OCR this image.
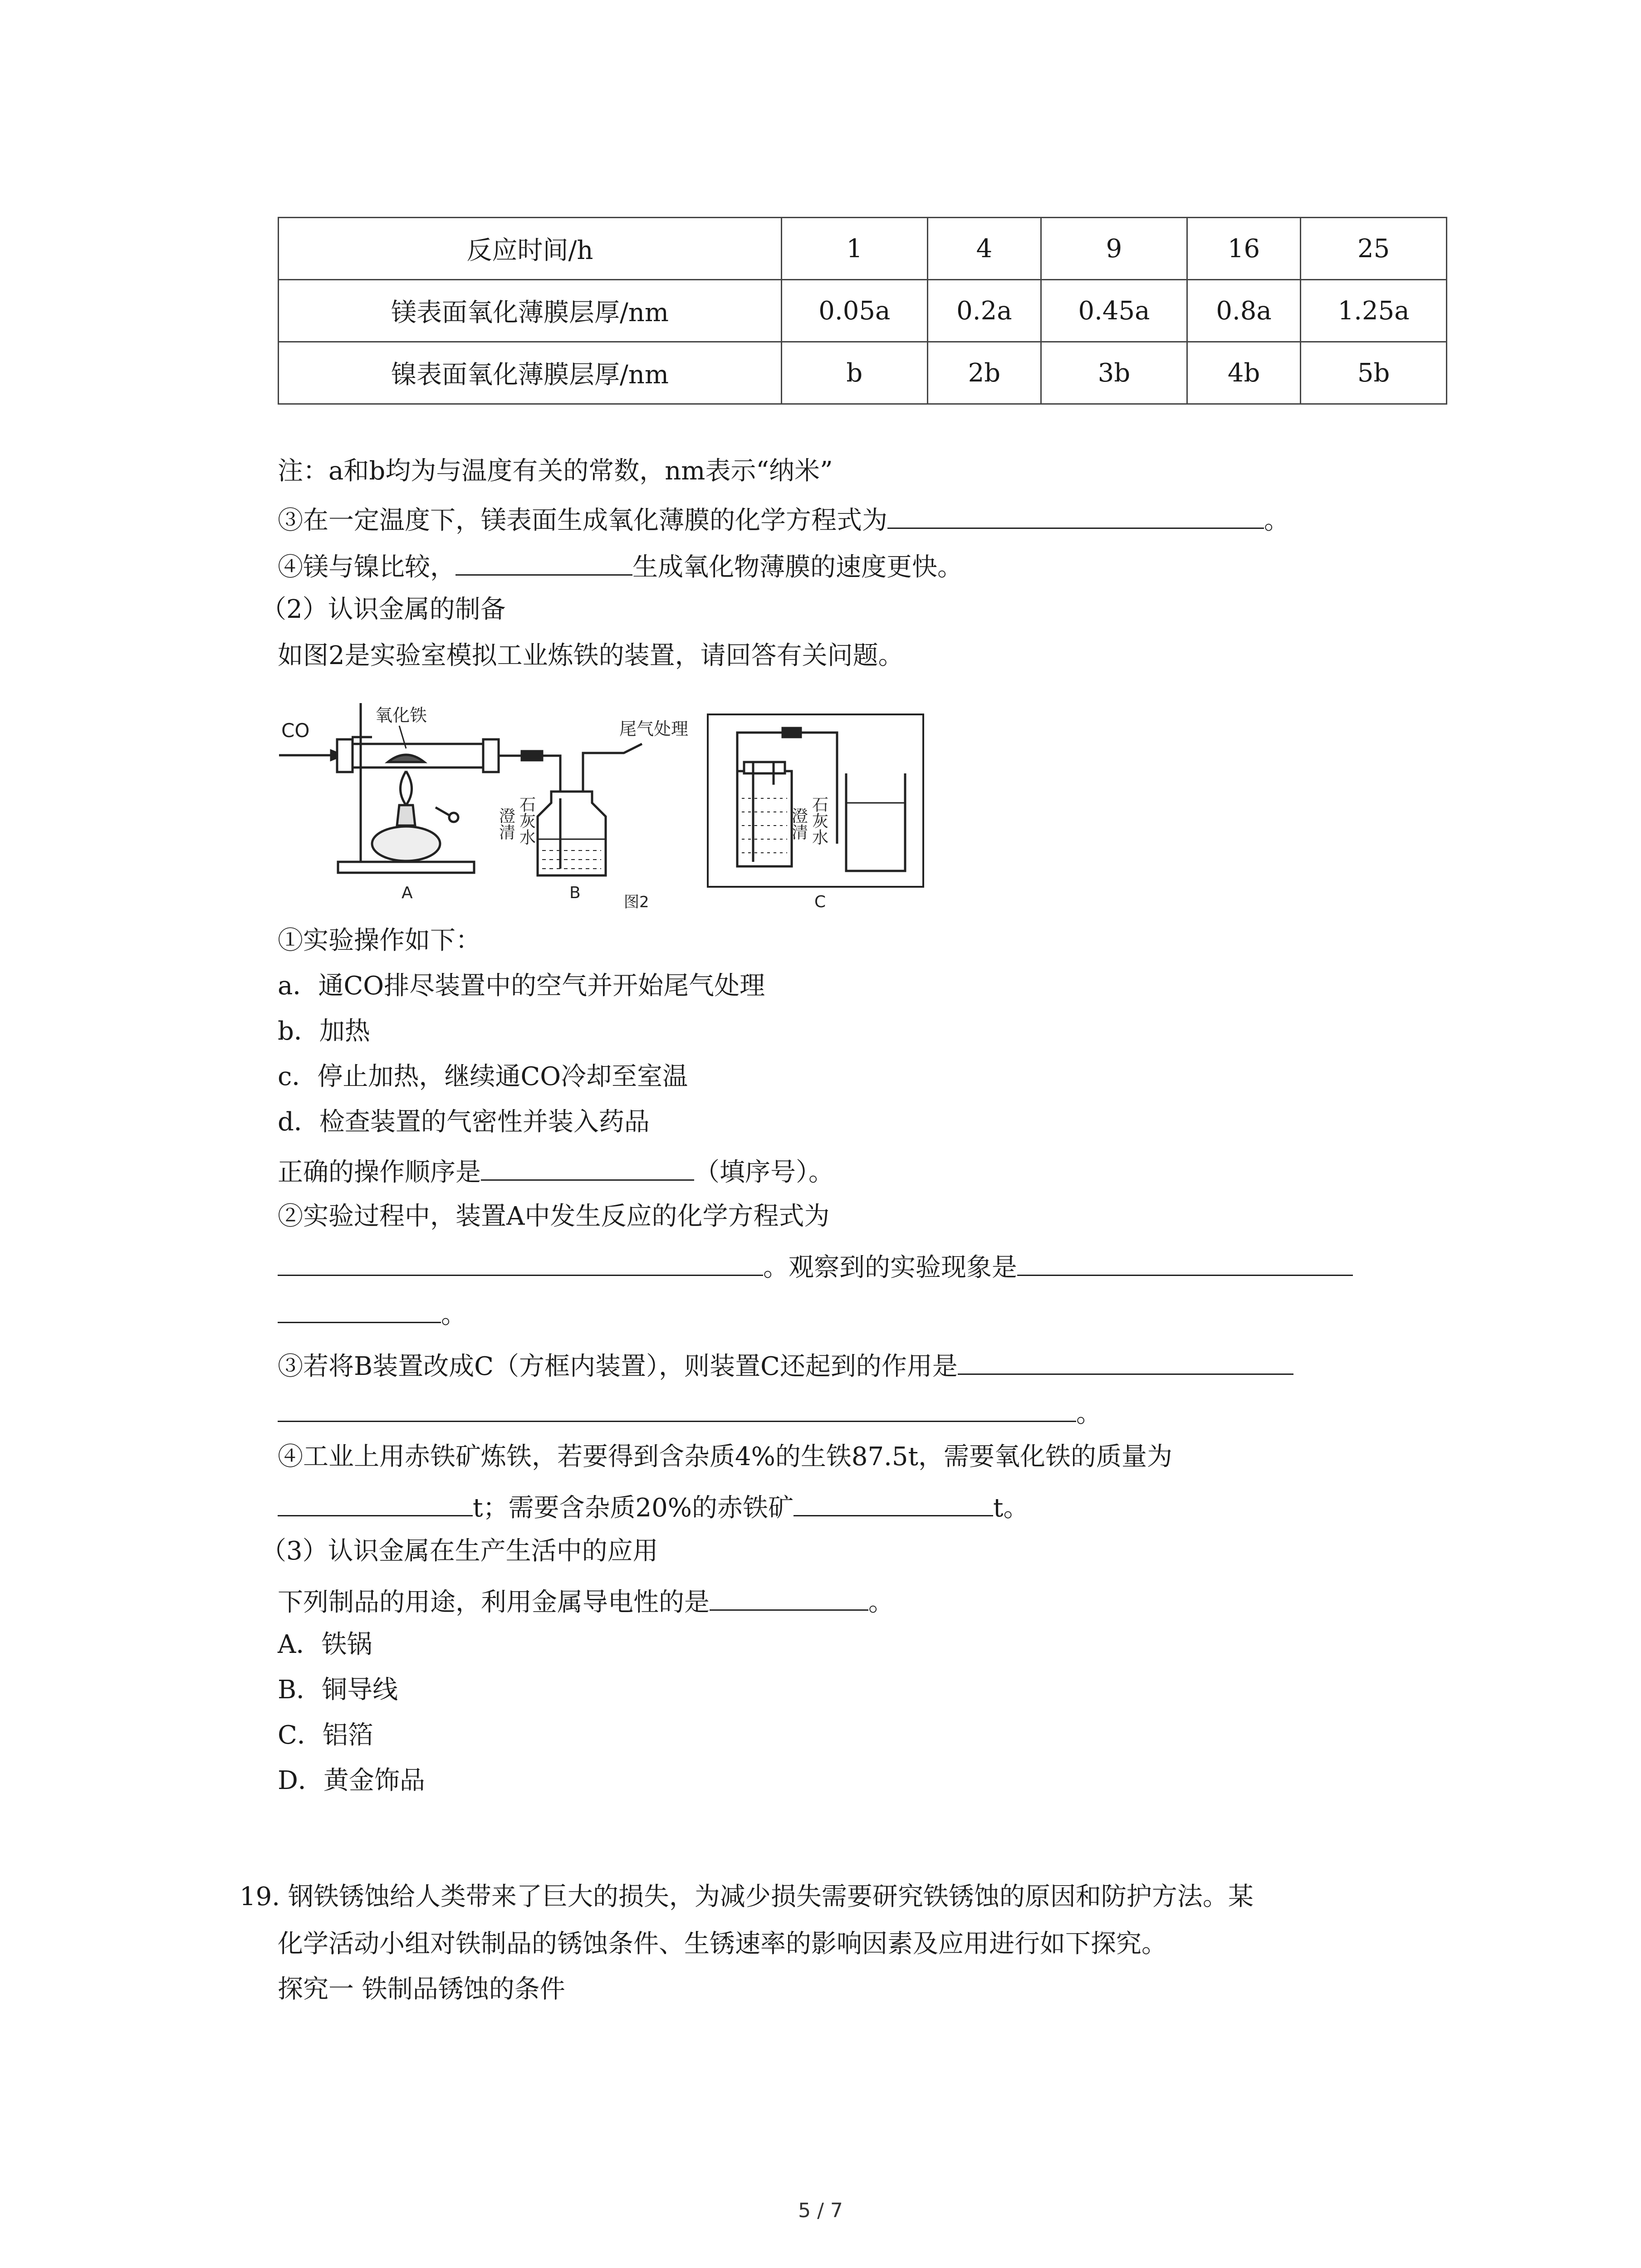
反应时间/h	1	4	9	16	25
镁表面氧化薄膜层厚/nm	0.05a	0.2a	0.45a	0.8a	1.25a
镍表面氧化薄膜层厚/nm	b	2b	3b	4b	5b
注：a和b均为与温度有关的常数，nm表示“纳米”
③在一定温度下，镁表面生成氧化薄膜的化学方程式为	。
④镁与镍比较，	生成氧化物薄膜的速度更快。
（2）认识金属的制备
如图2是实验室模拟工业炼铁的装置，请回答有关问题。
CO
氧化铁
尾气处理
澄清 石灰水
A	B	图2
澄清 石灰水
C
①实验操作如下：
a．通CO排尽装置中的空气并开始尾气处理
b．加热
c．停止加热，继续通CO冷却至室温
d．检查装置的气密性并装入药品
正确的操作顺序是	（填序号）。
②实验过程中，装置A中发生反应的化学方程式为
。观察到的实验现象是
。
③若将B装置改成C（方框内装置），则装置C还起到的作用是
。
④工业上用赤铁矿炼铁，若要得到含杂质4%的生铁87.5t，需要氧化铁的质量为
t；需要含杂质20%的赤铁矿	t。
（3）认识金属在生产生活中的应用
下列制品的用途，利用金属导电性的是	。
A．铁锅
B．铜导线
C．铝箔
D．黄金饰品
19. 钢铁锈蚀给人类带来了巨大的损失，为减少损失需要研究铁锈蚀的原因和防护方法。某
化学活动小组对铁制品的锈蚀条件、生锈速率的影响因素及应用进行如下探究。
探究一 铁制品锈蚀的条件
5 / 7
